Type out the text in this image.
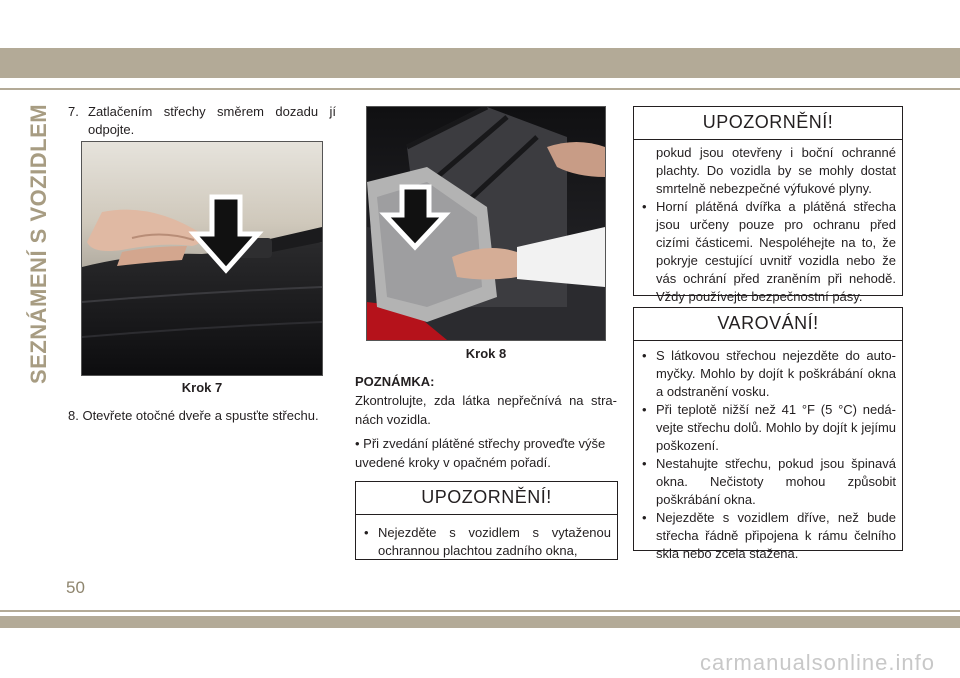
SEZNÁMENÍ S VOZIDLEM 7. Zatlačením střechy směrem dozadu jí odpojte.
Krok 7
8. Otevřete otočné dveře a spusťte střechu.
Krok 8
POZNÁMKA:
Zkontrolujte, zda látka nepřečnívá na stranách vozidla.
• Při zvedání plátěné střechy proveďte výše uvedené kroky v opačném pořadí.
UPOZORNĚNÍ!
• Nejezděte s vozidlem s vytaženou ochrannou plachtou zadního okna,
UPOZORNĚNÍ!
pokud jsou otevřeny i boční ochranné plachty. Do vozidla by se mohly dostat smrtelně nebezpečné výfukové plyny.
• Horní plátěná dvířka a plátěná střecha jsou určeny pouze pro ochranu před cizími částicemi. Nespoléhejte na to, že pokryje cestující uvnitř vozidla nebo že vás ochrání před zraněním při nehodě. Vždy používejte bezpečnostní pásy.
VAROVÁNÍ!
• S látkovou střechou nejezděte do automyčky. Mohlo by dojít k poškrábání okna a odstranění vosku.
• Při teplotě nižší než 41 °F (5 °C) nedávejte střechu dolů. Mohlo by dojít k jejímu poškození.
• Nestahujte střechu, pokud jsou špinavá okna. Nečistoty mohou způsobit poškrábání okna.
• Nejezděte s vozidlem dříve, než bude střecha řádně připojena k rámu čelního skla nebo zcela stažena.
50
carmanualsonline.info
